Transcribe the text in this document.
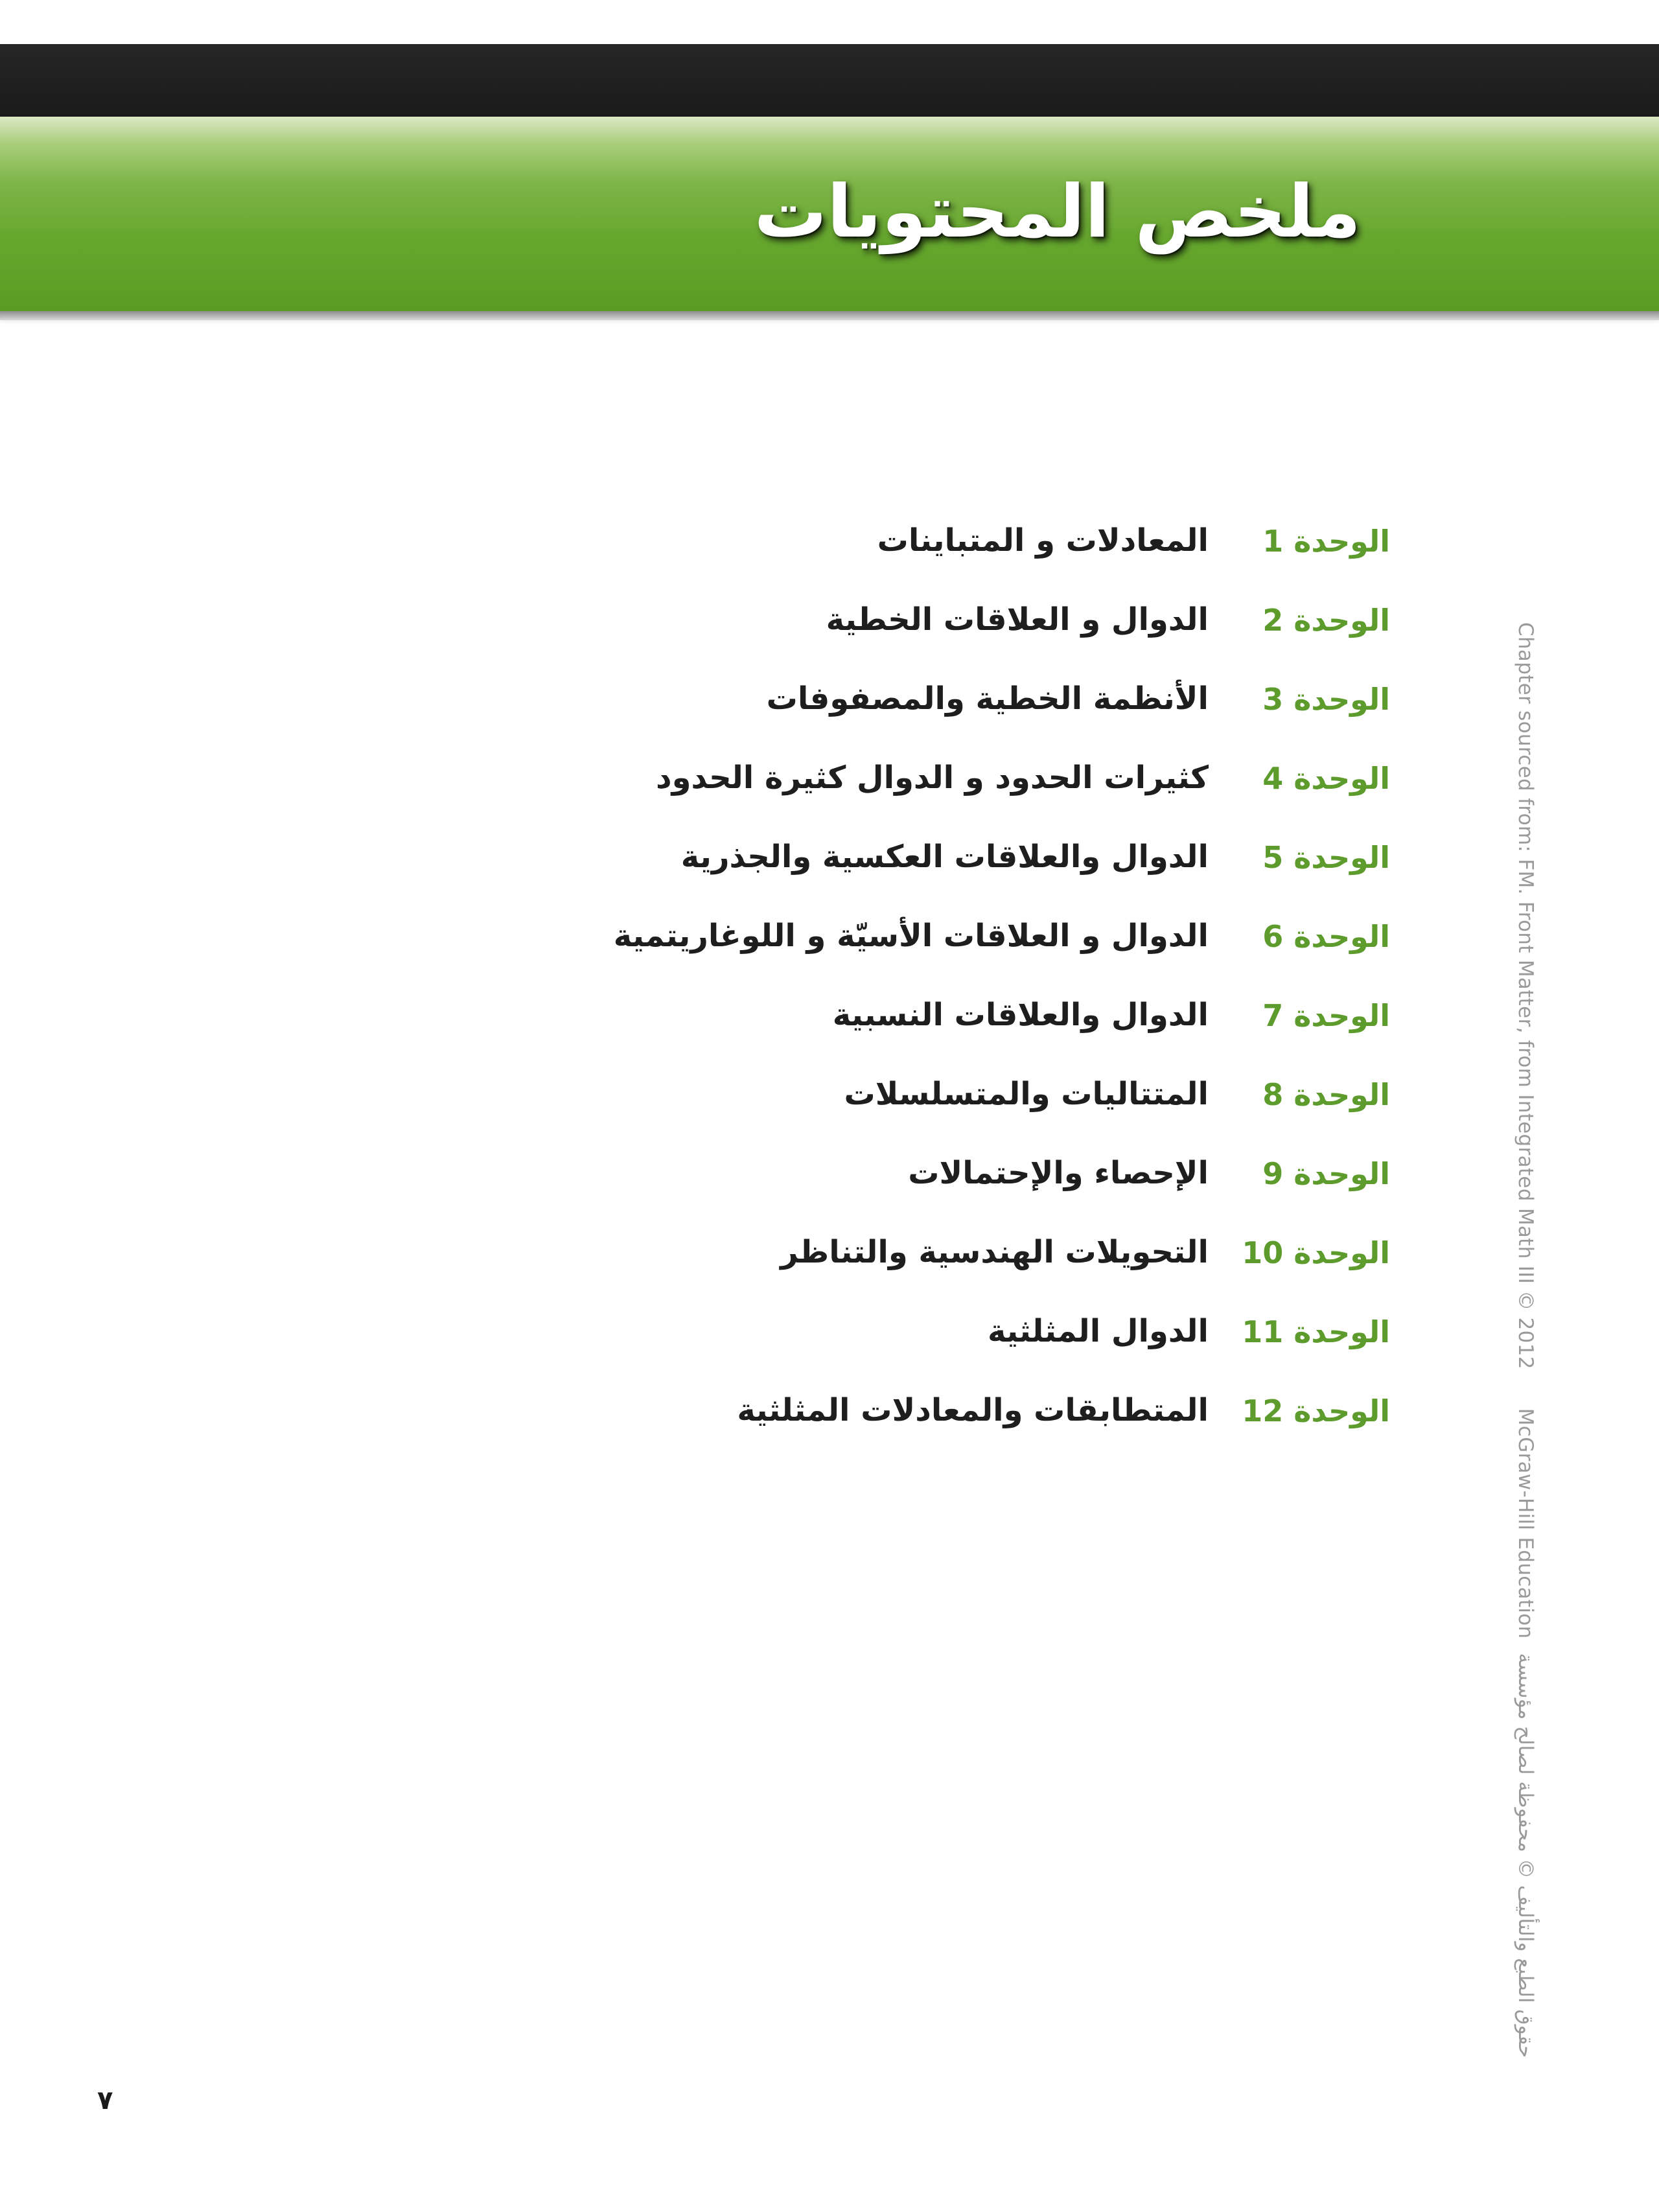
ملخص المحتويات
الوحدة 1
المعادلات و المتباينات
الوحدة 2
الدوال و العلاقات الخطية
الوحدة 3
الأنظمة الخطية والمصفوفات
الوحدة 4
كثيرات الحدود و الدوال كثيرة الحدود
الوحدة 5
الدوال والعلاقات العكسية والجذرية
الوحدة 6
الدوال و العلاقات الأسيّة و اللوغاريتمية
الوحدة 7
الدوال والعلاقات النسبية
الوحدة 8
المتتاليات والمتسلسلات
الوحدة 9
الإحصاء والإحتمالات
الوحدة 10
التحويلات الهندسية والتناظر
الوحدة 11
الدوال المثلثية
الوحدة 12
المتطابقات والمعادلات المثلثية
Chapter sourced from: FM. Front Matter, from Integrated Math III © 2012McGraw-Hill Educationحقوق الطبع والتأليف © محفوظة لصالح مؤسسة
٧
